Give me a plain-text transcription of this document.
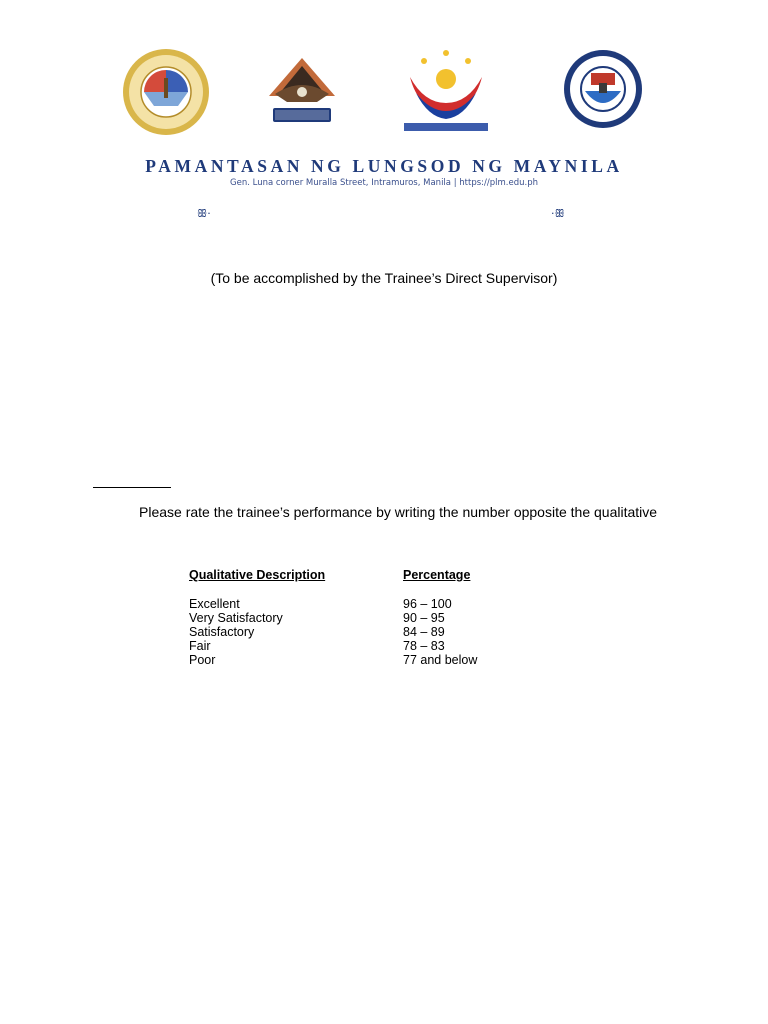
PAMANTASAN NG LUNGSOD NG MAYNILA
Gen. Luna corner Muralla Street, Intramuros, Manila | https://plm.edu.ph
ꕥ·	·ꕥ
(To be accomplished by the Trainee’s Direct Supervisor)
Please rate the trainee’s performance by writing the number opposite the qualitative
Qualitative Description	Percentage
Excellent	96 – 100
Very Satisfactory	90 – 95
Satisfactory	84 – 89
Fair	78 – 83
Poor	77 and below
